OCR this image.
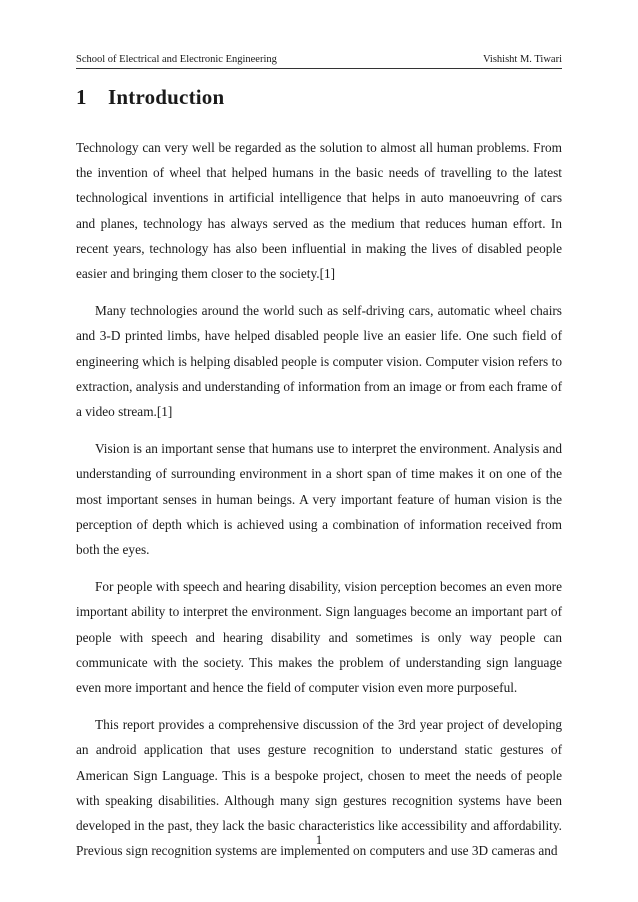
School of Electrical and Electronic Engineering	Vishisht M. Tiwari
1 Introduction

Technology can very well be regarded as the solution to almost all human problems. From the invention of wheel that helped humans in the basic needs of travelling to the latest technological inventions in artificial intelligence that helps in auto manoeuvring of cars and planes, technology has always served as the medium that reduces human effort. In recent years, technology has also been influential in making the lives of disabled people easier and bringing them closer to the society.[1]

Many technologies around the world such as self-driving cars, automatic wheel chairs and 3-D printed limbs, have helped disabled people live an easier life. One such field of engineering which is helping disabled people is computer vision. Computer vision refers to extraction, analysis and understanding of information from an image or from each frame of a video stream.[1]

Vision is an important sense that humans use to interpret the environment. Analysis and understanding of surrounding environment in a short span of time makes it on one of the most important senses in human beings. A very important feature of human vision is the perception of depth which is achieved using a combination of information received from both the eyes.

For people with speech and hearing disability, vision perception becomes an even more important ability to interpret the environment. Sign languages become an important part of people with speech and hearing disability and sometimes is only way people can communicate with the society. This makes the problem of understanding sign language even more important and hence the field of computer vision even more purposeful.

This report provides a comprehensive discussion of the 3rd year project of developing an android application that uses gesture recognition to understand static gestures of American Sign Language. This is a bespoke project, chosen to meet the needs of people with speaking disabilities. Although many sign gestures recognition systems have been developed in the past, they lack the basic characteristics like accessibility and affordability. Previous sign recognition systems are implemented on computers and use 3D cameras and

1
